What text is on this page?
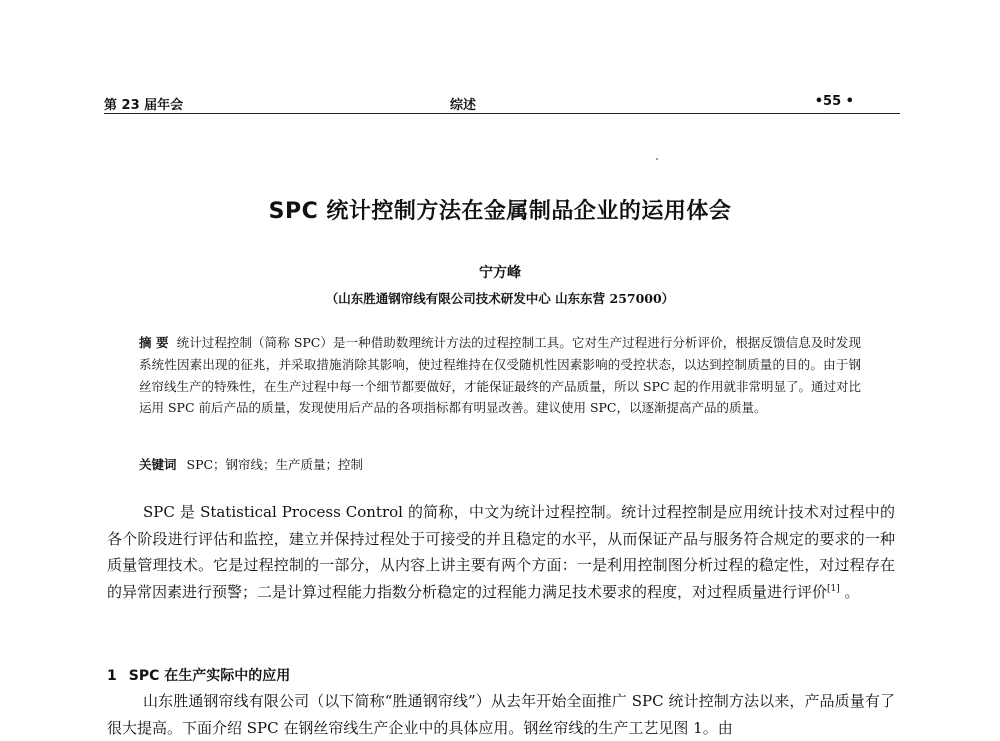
第 23 届年会	综述	•55 •
SPC 统计控制方法在金属制品企业的运用体会
宁方峰
（山东胜通钢帘线有限公司技术研发中心 山东东营 257000）
摘 要 统计过程控制（简称 SPC）是一种借助数理统计方法的过程控制工具。它对生产过程进行分析评价，根据反馈信息及时发现系统性因素出现的征兆，并采取措施消除其影响，使过程维持在仅受随机性因素影响的受控状态，以达到控制质量的目的。由于钢丝帘线生产的特殊性，在生产过程中每一个细节都要做好，才能保证最终的产品质量，所以 SPC 起的作用就非常明显了。通过对比运用 SPC 前后产品的质量，发现使用后产品的各项指标都有明显改善。建议使用 SPC，以逐渐提高产品的质量。
关键词 SPC；钢帘线；生产质量；控制
SPC 是 Statistical Process Control 的简称，中文为统计过程控制。统计过程控制是应用统计技术对过程中的各个阶段进行评估和监控，建立并保持过程处于可接受的并且稳定的水平，从而保证产品与服务符合规定的要求的一种质量管理技术。它是过程控制的一部分，从内容上讲主要有两个方面：一是利用控制图分析过程的稳定性，对过程存在的异常因素进行预警；二是计算过程能力指数分析稳定的过程能力满足技术要求的程度，对过程质量进行评价[1] 。
1 SPC 在生产实际中的应用
山东胜通钢帘线有限公司（以下简称“胜通钢帘线”）从去年开始全面推广 SPC 统计控制方法以来，产品质量有了很大提高。下面介绍 SPC 在钢丝帘线生产企业中的具体应用。钢丝帘线的生产工艺见图 1。由
